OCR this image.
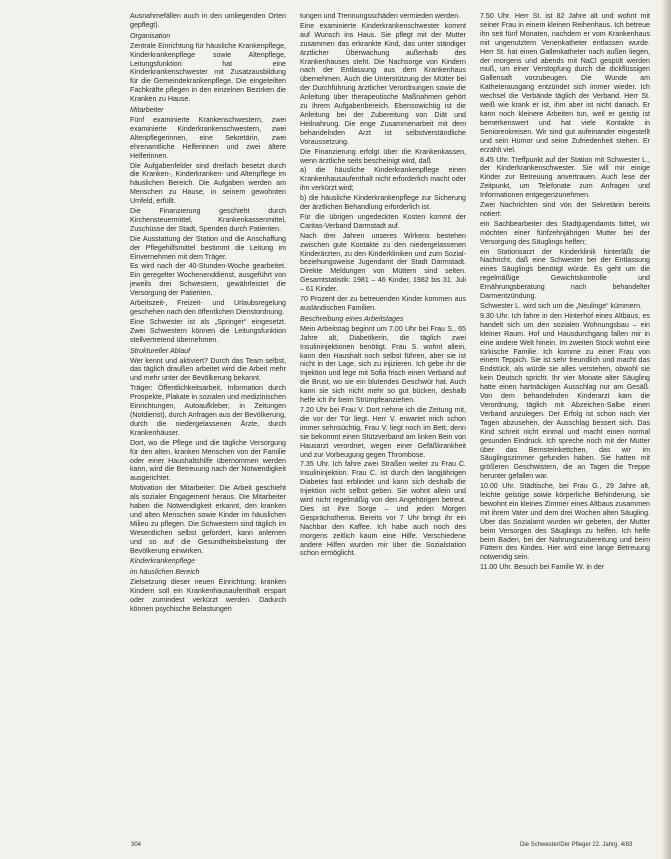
Ausnahmefällen auch in den umliegenden Orten gepflegt).

Organisation

Zentrale Einrichtung für häusliche Krankenpflege, Kinderkrankenpflege sowie Altenpflege, Leitungsfunktion hat eine Kinderkrankenschwester mit Zusatzausbildung für die Gemeindekrankenpflege. Die eingeteilten Fachkräfte pflegen in den einzelnen Bezirken die Kranken zu Hause.

Mitarbeiter

Fünf examinierte Krankenschwestern, zwei examinierte Kinderkrankenschwestern, zwei Altenpflegerinnen, eine Sekretärin, zwei ehrenamtliche Helferinnen und zwei ältere Helferinnen.

Die Aufgabenfelder sind dreifach besetzt durch die Kranken-, Kinderkranken- und Altenpflege im häuslichen Bereich. Die Aufgaben werden am Menschen zu Hause, in seinem gewohnten Umfeld, erfüllt.

Die Finanzierung geschieht durch Kirchensteuermittel, Krankenkassenmittel, Zuschüsse der Stadt, Spenden durch Patienten.

Die Ausstattung der Station und die Anschaffung der Pflegehilfsmittel bestimmt die Leitung im Einvernehmen mit dem Träger.

Es wird nach der 40-Stunden-Woche gearbeitet. Ein geregelter Wochenenddienst, ausgeführt von jeweils drei Schwestern, gewährleistet die Versorgung der Patienten.

Arbeitszeit-, Freizeit- und Urlaubsregelung geschehen nach den öffentlichen Dienstordnung.

Eine Schwester ist als „Springer“ eingesetzt. Zwei Schwestern können die Leitungsfunktion stellvertretend übernehmen.

Struktureller Ablauf

Wer kennt und aktiviert? Durch das Team selbst, das täglich draußen arbeitet wird die Arbeit mehr und mehr unter der Bevölkerung bekannt.

Träger: Öffentlichkeitsarbeit, Information durch Prospekte, Plakate in sozialen und medizinischen Einrichtungen, Autoaufkleber, in Zeitungen (Notdienst), durch Anfragen aus der Bevölkerung, durch die niedergelassenen Ärzte, durch Krankenhäuser.

Dort, wo die Pflege und die tägliche Versorgung für den alten, kranken Menschen von der Familie oder einer Haushaltshilfe übernommen werden kann, wird die Betreuung nach der Notwendigkeit ausgerichtet.

Motivation der Mitarbeiter: Die Arbeit geschieht als sozialer Engagement heraus. Die Mitarbeiter haben die Notwendigkeit erkannt, den kranken und alten Menschen sowie Kinder im häuslichen Milieu zu pflegen. Die Schwestern sind täglich im Wesentlichen selbst gefordert, kann anlernen und so auf die Gesundheitsbelastung der Bevölkerung einwirken.

Kinderkrankenpflege

im häuslichen Bereich

Zielsetzung dieser neuen Einrichtung: kranken Kindern soll ein Krankenhausaufenthalt erspart oder zumindest verkürzt werden. Dadurch können psychische Belastungen

tungen und Trennungsschäden vermieden werden.

Eine examinierte Kinderkrankenschwester kommt auf Wunsch ins Haus. Sie pflegt mit der Mutter zusammen das erkrankte Kind, das unter ständiger ärztlicher Überwachung außerhalb des Krankenhauses steht. Die Nachsorge von Kindern nach der Entlassung aus dem Krankenhaus übernehmen. Auch die Unterstützung der Mütter bei der Durchführung ärztlicher Verordnungen sowie die Anleitung über therapeutische Maßnahmen gehört zu ihrem Aufgabenbereich. Ebensowichtig ist die Anleitung bei der Zubereitung von Diät und Heilnahrung. Die enge Zusammenarbeit mit dem behandelnden Arzt ist selbstverständliche Voraussetzung.

Die Finanzierung erfolgt über die Krankenkassen, wenn ärztliche seits bescheinigt wird, daß

a) die häusliche Kinderkrankenpflege einen Krankenhausaufenthalt nicht erforderlich macht oder ihn verkürzt wird;

b) die häusliche Kinderkrankenpflege zur Sicherung der ärztlichen Behandlung erforderlich ist.

Für die übrigen ungedeckten Kosten kommt der Caritas-Verband Darmstadt auf.

Nach drei Jahren unseres Wirkens bestehen zwischen gute Kontakte zu den niedergelassenen Kinderärzten, zu den Kinderkliniken und zum Sozial- beziehungsweise Jugendamt der Stadt Darmstadt. Direkte Meldungen von Müttern sind selten. Gesamtstatistik: 1981 – 46 Kinder, 1982 bis 31. Juli – 61 Kinder.

70 Prozent der zu betreuenden Kinder kommen aus ausländischen Familien.

Beschreibung eines Arbeitstages

Mein Arbeitstag beginnt um 7.00 Uhr bei Frau S., 65 Jahre alt, Diabetikerin, die täglich zwei Insulininjektionen benötigt. Frau S. wohnt allein, kann den Haushalt noch selbst führen, aber sie ist nicht in der Lage, sich zu injizieren. Ich gebe ihr die Injektion und lege mit Sofia frisch einen Verband auf die Brust, wo sie ein blutendes Geschwür hat. Auch kann sie sich nicht mehr so gut bücken, deshalb helfe ich ihr beim Strümpfeanziehen.

7.20 Uhr bei Frau V. Dort nehme ich die Zeitung mit, die vor der Tür liegt. Herr V. erwartet mich schon immer sehnsüchtig, Frau V. liegt noch im Bett, denn sie bekommt einen Stützverband am linken Bein von Hausarzt verordnet, wegen einer Gefäßkrankheit und zur Vorbeugung gegen Thrombose.

7.35 Uhr. Ich fahre zwei Straßen weiter zu Frau C. Insulininjektion. Frau C. ist durch den langjährigen Diabetes fast erblindet und kann sich deshalb die Injektion nicht selbst geben. Sie wohnt allein und wird nicht regelmäßig von den Angehörigen betreut. Dies ist ihre Sorge – und jeden Morgen Gesprächsthema. Bereits vor 7 Uhr bringt ihr ein Nachbar den Kaffee. Ich habe auch noch des morgens zeitlich kaum eine Hilfe. Verschiedene andere Hilfen wurden mir über die Sozialstation schon ermöglicht.

7.50 Uhr. Herr St. ist 82 Jahre alt und wohnt mit seiner Frau in einem kleinen Reihenhaus. Ich betreue ihn seit fünf Monaten, nachdem er vom Krankenhaus mit ungenutztem Venenkatheter entlassen wurde. Herr St. hat einen Gallenkatheter nach außen liegen, der morgens und abends mit NaCl gespült werden muß, um einer Verstopfung durch die dickflüssigen Gallensaft vorzubeugen. Die Wunde am Katheterausgang entzündet sich immer wieder. Ich wechsel die Verbände täglich der Verband. Herr St. weiß wie krank er ist, ihm aber ist nicht danach. Er kann noch kleinere Arbeiten tun, weil er geistig ist bemerkenswert und hat viele Kontakte in Seniorenkreisen. Wir sind gut aufeinander eingestellt und sein Humor und seine Zufriedenheit stehen. Er erzählt viel.

8.45 Uhr. Treffpunkt auf der Station mit Schwester L., der Kinderkrankenschwester. Sie will mir einige Kinder zur Betreuung anvertrauen. Auch lese der Zeitpunkt, um Telefonate zum Anfragen und Informationen entgegenzunehmen.

Zwei Nachrichten sind von der Sekretärin bereits notiert:

ein Sachbearbeiter des Stadtjugendamts bittet, wir möchten einer fünfzehnjährigen Mutter bei der Versorgung des Säuglings helfen;

ein Stationsarzt der Kinderklinik hinterläßt die Nachricht, daß eine Schwester bei der Entlassung eines Säuglings benötigt würde. Es geht um die regelmäßige Gewichtskontrolle und Ernährungsberatung nach behandelter Darmentzündung.

Schwester L. wird sich um die „Neulinge“ kümmern.

9.30 Uhr. Ich fahre in den Hinterhof eines Altbaus, es handelt sich um den sozialen Wohnungsbau – ein kleiner Raum. Hof und Hausdurchgang fallen mir in eine andere Welt hinein. Im zweiten Stock wohnt eine türkische Familie. Ich komme zu einer Frau von einem Teppich. Sie ist sehr freundlich und macht das Endstück, als würde sie alles verstehen, obwohl sie kein Deutsch spricht. Ihr vier Monate alter Säugling hatte einen hartnäckigen Ausschlag nur am Gesäß. Von dem behandelnden Kinderarzt kam die Verordnung, täglich mit Abzeichen-Salbe einen Verband anzulegen. Der Erfolg ist schon nach vier Tagen abzusehen, der Ausschlag bessert sich. Das Kind schreit nicht einmal und macht einen normal gesunden Eindruck. Ich spreche noch mit der Mutter über das Bernsteinkettchen, das wir im Säuglingszimmer gefunden haben. Sie hatten mit größeren Geschwistern, die an Tagen die Treppe herunter gefallen war.

10.00 Uhr. Städtische, bei Frau G., 29 Jahre alt, leichte geistige sowie körperliche Behinderung, sie bewohnt ein kleines Zimmer eines Altbaus zusammen mit ihrem Vater und dem drei Wochen alten Säugling. Über das Sozialamt wurden wir gebeten, der Mutter beim Versorgen des Säuglings zu helfen. Ich helfe beim Baden, bei der Nahrungszubereitung und beim Füttern des Kindes. Hier wird eine lange Betreuung notwendig sein.

11.00 Uhr. Besuch bei Familie W. in der

304	Die Schwester/Der Pfleger 22. Jahrg. 4/83
